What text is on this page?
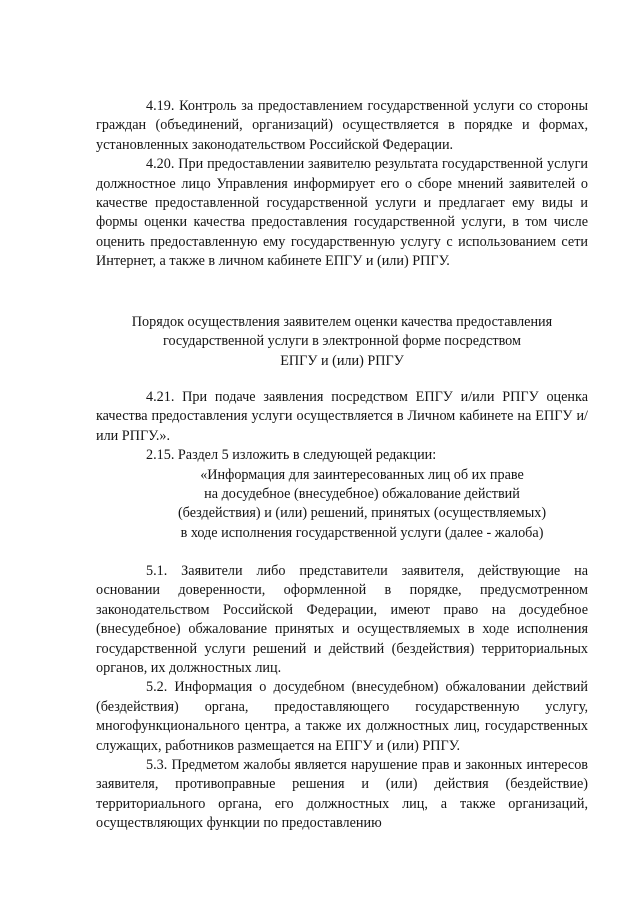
4.19. Контроль за предоставлением государственной услуги со стороны граждан (объединений, организаций) осуществляется в порядке и формах, установленных законодательством Российской Федерации.

4.20. При предоставлении заявителю результата государственной услуги должностное лицо Управления информирует его о сборе мнений заявителей о качестве предоставленной государственной услуги и предлагает ему виды и формы оценки качества предоставления государственной услуги, в том числе оценить предоставленную ему государственную услугу с использованием сети Интернет, а также в личном кабинете ЕПГУ и (или) РПГУ.

Порядок осуществления заявителем оценки качества предоставления
государственной услуги в электронной форме посредством
ЕПГУ и (или) РПГУ

4.21. При подаче заявления посредством ЕПГУ и/или РПГУ оценка качества предоставления услуги осуществляется в Личном кабинете на ЕПГУ и/или РПГУ.».

2.15. Раздел 5 изложить в следующей редакции:

«Информация для заинтересованных лиц об их праве
на досудебное (внесудебное) обжалование действий
(бездействия) и (или) решений, принятых (осуществляемых)
в ходе исполнения государственной услуги (далее - жалоба)

5.1. Заявители либо представители заявителя, действующие на основании доверенности, оформленной в порядке, предусмотренном законодательством Российской Федерации, имеют право на досудебное (внесудебное) обжалование принятых и осуществляемых в ходе исполнения государственной услуги решений и действий (бездействия) территориальных органов, их должностных лиц.

5.2. Информация о досудебном (внесудебном) обжаловании действий (бездействия) органа, предоставляющего государственную услугу, многофункционального центра, а также их должностных лиц, государственных служащих, работников размещается на ЕПГУ и (или) РПГУ.

5.3. Предметом жалобы является нарушение прав и законных интересов заявителя, противоправные решения и (или) действия (бездействие) территориального органа, его должностных лиц, а также организаций, осуществляющих функции по предоставлению
